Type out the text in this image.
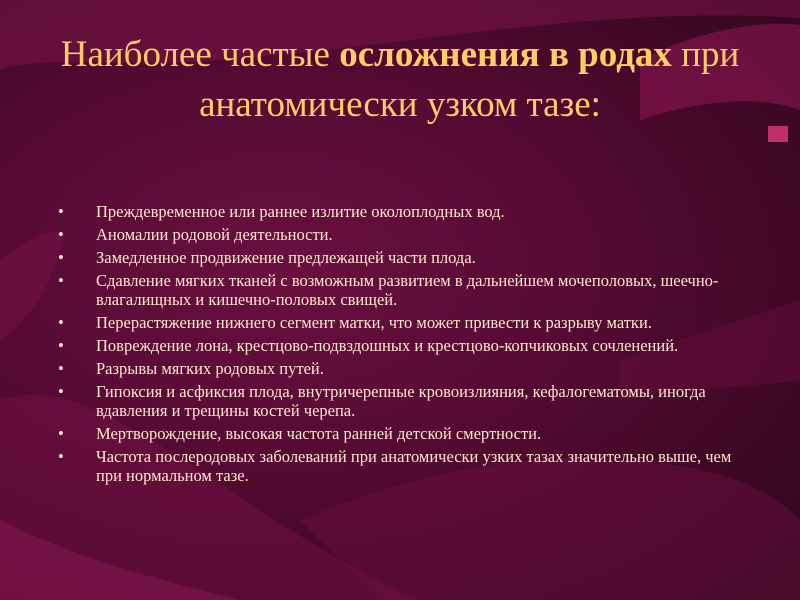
Наиболее частые осложнения в родах при анатомически узком тазе:
• Преждевременное или раннее излитие околоплодных вод.
• Аномалии родовой деятельности.
• Замедленное продвижение предлежащей части плода.
• Сдавление мягких тканей с возможным развитием в дальнейшем мочеполовых, шеечно-влагалищных и кишечно-половых свищей.
• Перерастяжение нижнего сегмент матки, что может привести к разрыву матки.
• Повреждение лона, крестцово-подвздошных и крестцово-копчиковых сочленений.
• Разрывы мягких родовых путей.
• Гипоксия и асфиксия плода, внутричерепные кровоизлияния, кефалогематомы, иногда вдавления и трещины костей черепа.
• Мертворождение, высокая частота ранней детской смертности.
• Частота послеродовых заболеваний при анатомически узких тазах значительно выше, чем при нормальном тазе.
